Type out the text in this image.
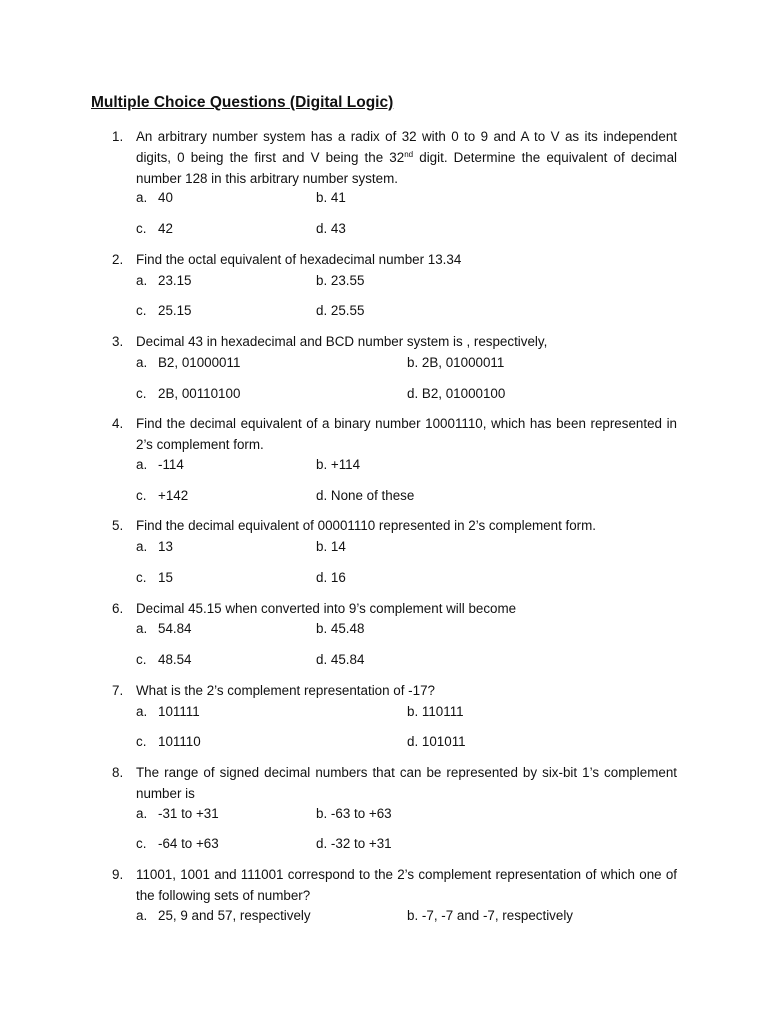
Multiple Choice Questions (Digital Logic)
1. An arbitrary number system has a radix of 32 with 0 to 9 and A to V as its independent digits, 0 being the first and V being the 32nd digit. Determine the equivalent of decimal number 128 in this arbitrary number system.
a. 40	b. 41
c. 42	d. 43
2. Find the octal equivalent of hexadecimal number 13.34
a. 23.15	b. 23.55
c. 25.15	d. 25.55
3. Decimal 43 in hexadecimal and BCD number system is , respectively,
a. B2, 01000011	b. 2B, 01000011
c. 2B, 00110100	d. B2, 01000100
4. Find the decimal equivalent of a binary number 10001110, which has been represented in 2’s complement form.
a. -114	b. +114
c. +142	d. None of these
5. Find the decimal equivalent of 00001110 represented in 2’s complement form.
a. 13	b. 14
c. 15	d. 16
6. Decimal 45.15 when converted into 9’s complement will become
a. 54.84	b. 45.48
c. 48.54	d. 45.84
7. What is the 2’s complement representation of -17?
a. 101111	b. 110111
c. 101110	d. 101011
8. The range of signed decimal numbers that can be represented by six-bit 1’s complement number is
a. -31 to +31	b. -63 to +63
c. -64 to +63	d. -32 to +31
9. 11001, 1001 and 111001 correspond to the 2’s complement representation of which one of the following sets of number?
a. 25, 9 and 57, respectively	b. -7, -7 and -7, respectively
